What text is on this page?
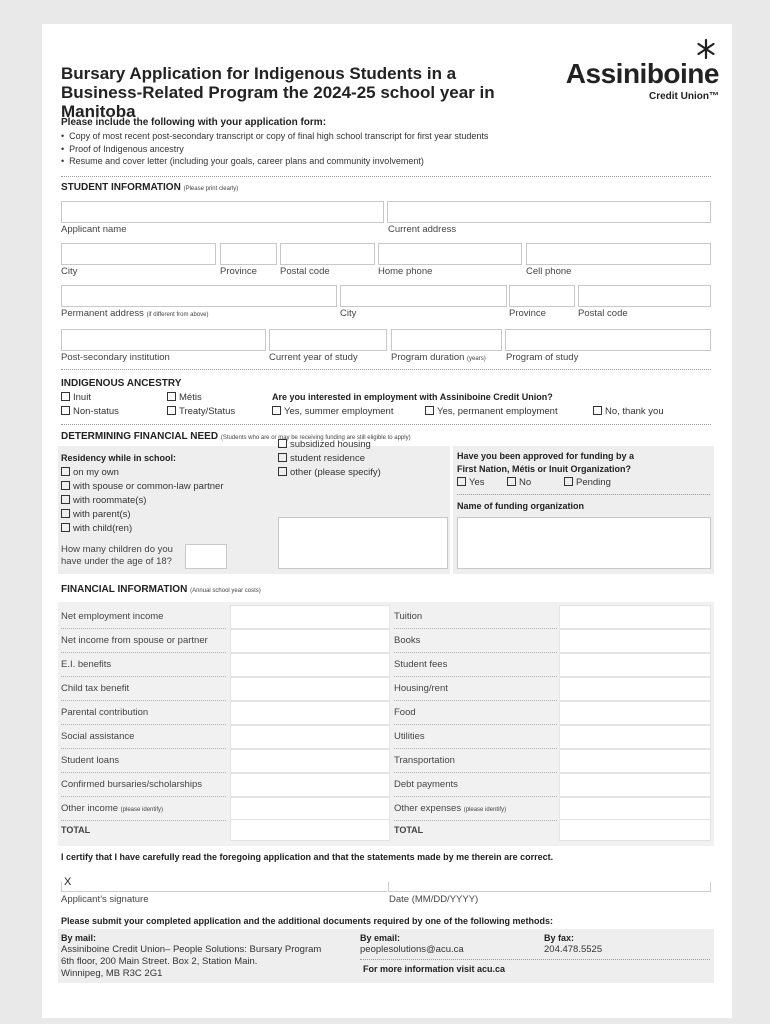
Bursary Application for Indigenous Students in a Business-Related Program the 2024-25 school year in Manitoba
Assiniboine
Credit Union™
Please include the following with your application form:
•  Copy of most recent post-secondary transcript or copy of final high school transcript for first year students
•  Proof of Indigenous ancestry
•  Resume and cover letter (including your goals, career plans and community involvement)
STUDENT INFORMATION (Please print clearly)
Applicant name	Current address
City	Province Postal code	Home phone	Cell phone
Permanent address (if different from above)	City	Province	Postal code
Post-secondary institution	Current year of study	Program duration (years) Program of study
INDIGENOUS ANCESTRY
Inuit	Métis
Non-status	Treaty/Status
Are you interested in employment with Assiniboine Credit Union?
Yes, summer employment	Yes, permanent employment	No, thank you
DETERMINING FINANCIAL NEED (Students who are or may be receiving funding are still eligible to apply)
Residency while in school:
on my own
with spouse or common-law partner
with roommate(s)
with parent(s)
with child(ren)
subsidized housing
student residence
other (please specify)
How many children do you
have under the age of 18?
Have you been approved for funding by a
First Nation, Métis or Inuit Organization?
Yes	No	Pending
Name of funding organization
FINANCIAL INFORMATION (Annual school year costs)
Net employment income	Tuition
Net income from spouse or partner	Books
E.I. benefits	Student fees
Child tax benefit	Housing/rent
Parental contribution	Food
Social assistance	Utilities
Student loans	Transportation
Confirmed bursaries/scholarships	Debt payments
Other income (please identify)	Other expenses (please identify)
TOTAL	TOTAL
I certify that I have carefully read the foregoing application and that the statements made by me therein are correct.
X
Applicant’s signature	Date (MM/DD/YYYY)
Please submit your completed application and the additional documents required by one of the following methods:
By mail:
Assiniboine Credit Union– People Solutions: Bursary Program
6th floor, 200 Main Street. Box 2, Station Main.
Winnipeg, MB R3C 2G1
By email:
peoplesolutions@acu.ca
By fax:
204.478.5525
For more information visit acu.ca
